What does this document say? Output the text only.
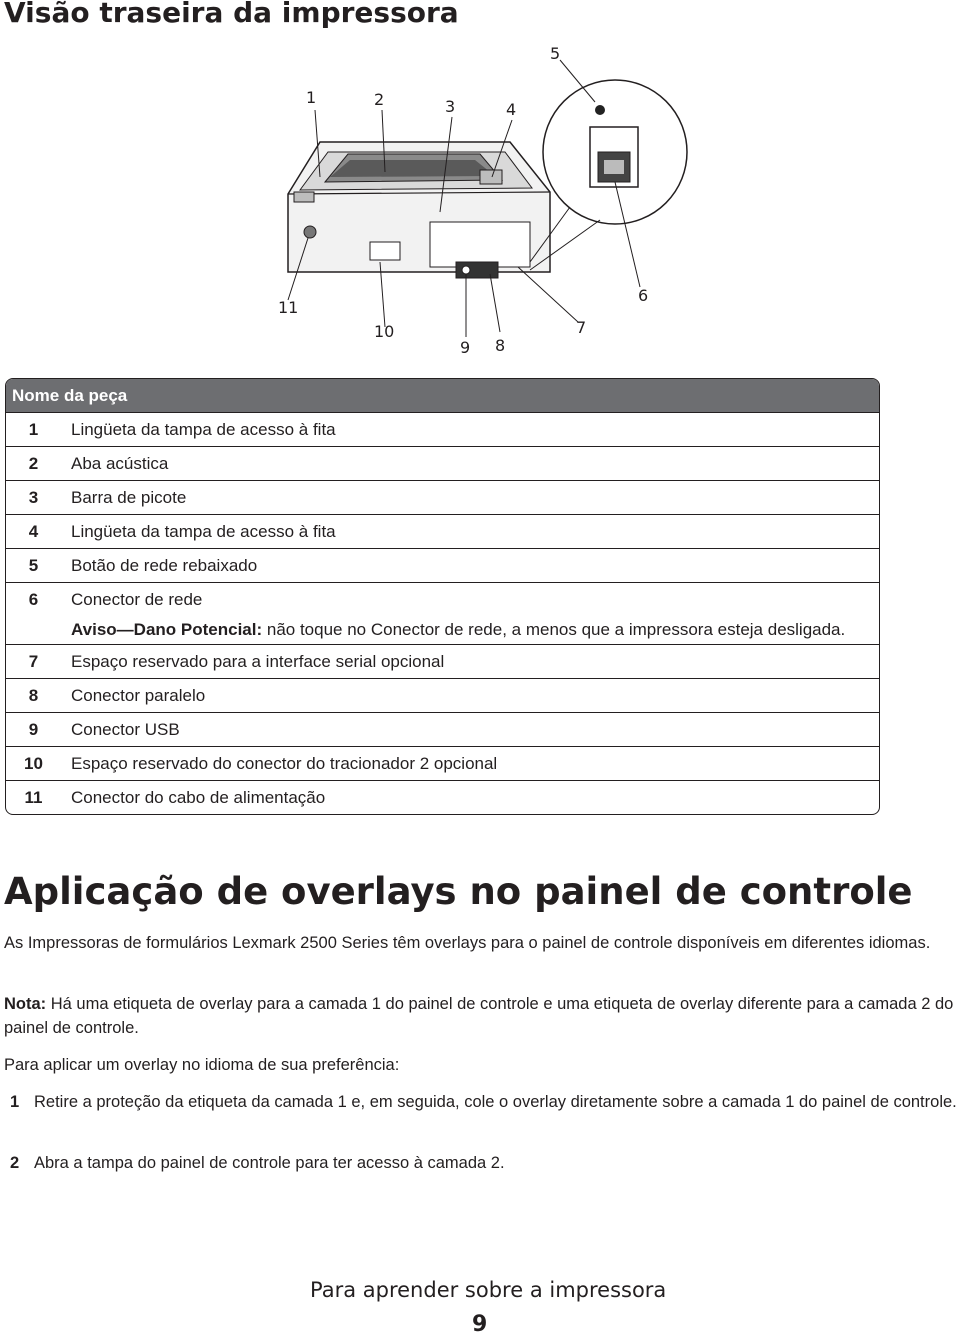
Visão traseira da impressora
1	2	3	4
5
6
7
8
9
10
11
Nome da peça	
1	Lingüeta da tampa de acesso à fita
2	Aba acústica
3	Barra de picote
4	Lingüeta da tampa de acesso à fita
5	Botão de rede rebaixado
6	Conector de rede
	Aviso—Dano Potencial: não toque no Conector de rede, a menos que a impressora esteja desligada.
7	Espaço reservado para a interface serial opcional
8	Conector paralelo
9	Conector USB
10	Espaço reservado do conector do tracionador 2 opcional
11	Conector do cabo de alimentação
Aplicação de overlays no painel de controle
As Impressoras de formulários Lexmark 2500 Series têm overlays para o painel de controle disponíveis em diferentes idiomas.
Nota: Há uma etiqueta de overlay para a camada 1 do painel de controle e uma etiqueta de overlay diferente para a camada 2 do painel de controle.
Para aplicar um overlay no idioma de sua preferência:
1 Retire a proteção da etiqueta da camada 1 e, em seguida, cole o overlay diretamente sobre a camada 1 do painel de controle.
2 Abra a tampa do painel de controle para ter acesso à camada 2.
Para aprender sobre a impressora
9
